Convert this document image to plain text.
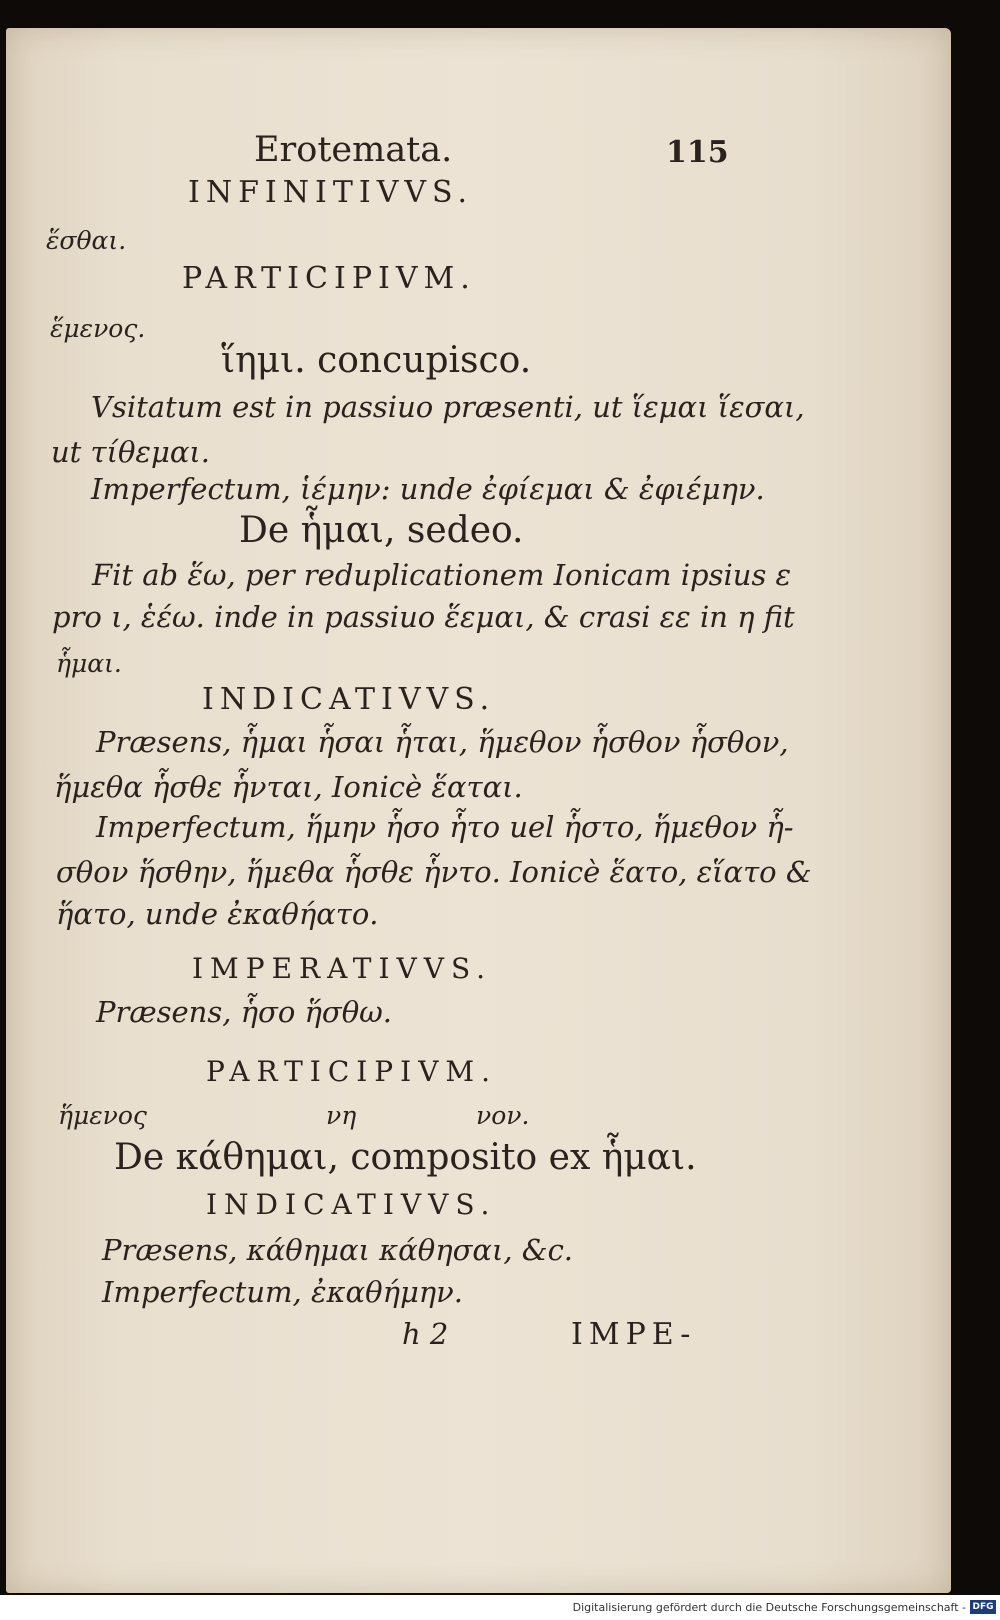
Erotemata.	115
INFINITIVVS.
ἕσθαι.
PARTICIPIVM.
ἕμενος.
ἵημι. concupisco.
Vsitatum est in passiuo præsenti, ut ἵεμαι ἵεσαι,
ut τίθεμαι.
Imperfectum, ἱέμην: unde ἐφίεμαι & ἐφιέμην.
De ἧμαι, sedeo.
Fit ab ἕω, per reduplicationem Ionicam ipsius ε
pro ι, ἑέω. inde in passiuo ἕεμαι, & crasi εε in η fit
ἧμαι.
INDICATIVVS.
Præsens, ἧμαι ἧσαι ἧται, ἥμεθον ἧσθον ἧσθον,
ἥμεθα ἧσθε ἧνται, Ionicè ἕαται.
Imperfectum, ἥμην ἧσο ἧτο uel ἧστο, ἥμεθον ἧ-
σθον ἥσθην, ἥμεθα ἧσθε ἧντο. Ionicè ἕατο, εἵατο &
ἥατο, unde ἐκαθήατο.
IMPERATIVVS.
Præsens, ἧσο ἥσθω.
PARTICIPIVM.
ἥμενος	νη	νον.
De κάθημαι, composito ex ἧμαι.
INDICATIVVS.
Præsens, κάθημαι κάθησαι, &c.
Imperfectum, ἐκαθήμην.
h 2	IMPE-
Digitalisierung gefördert durch die Deutsche Forschungsgemeinschaft - DFG
